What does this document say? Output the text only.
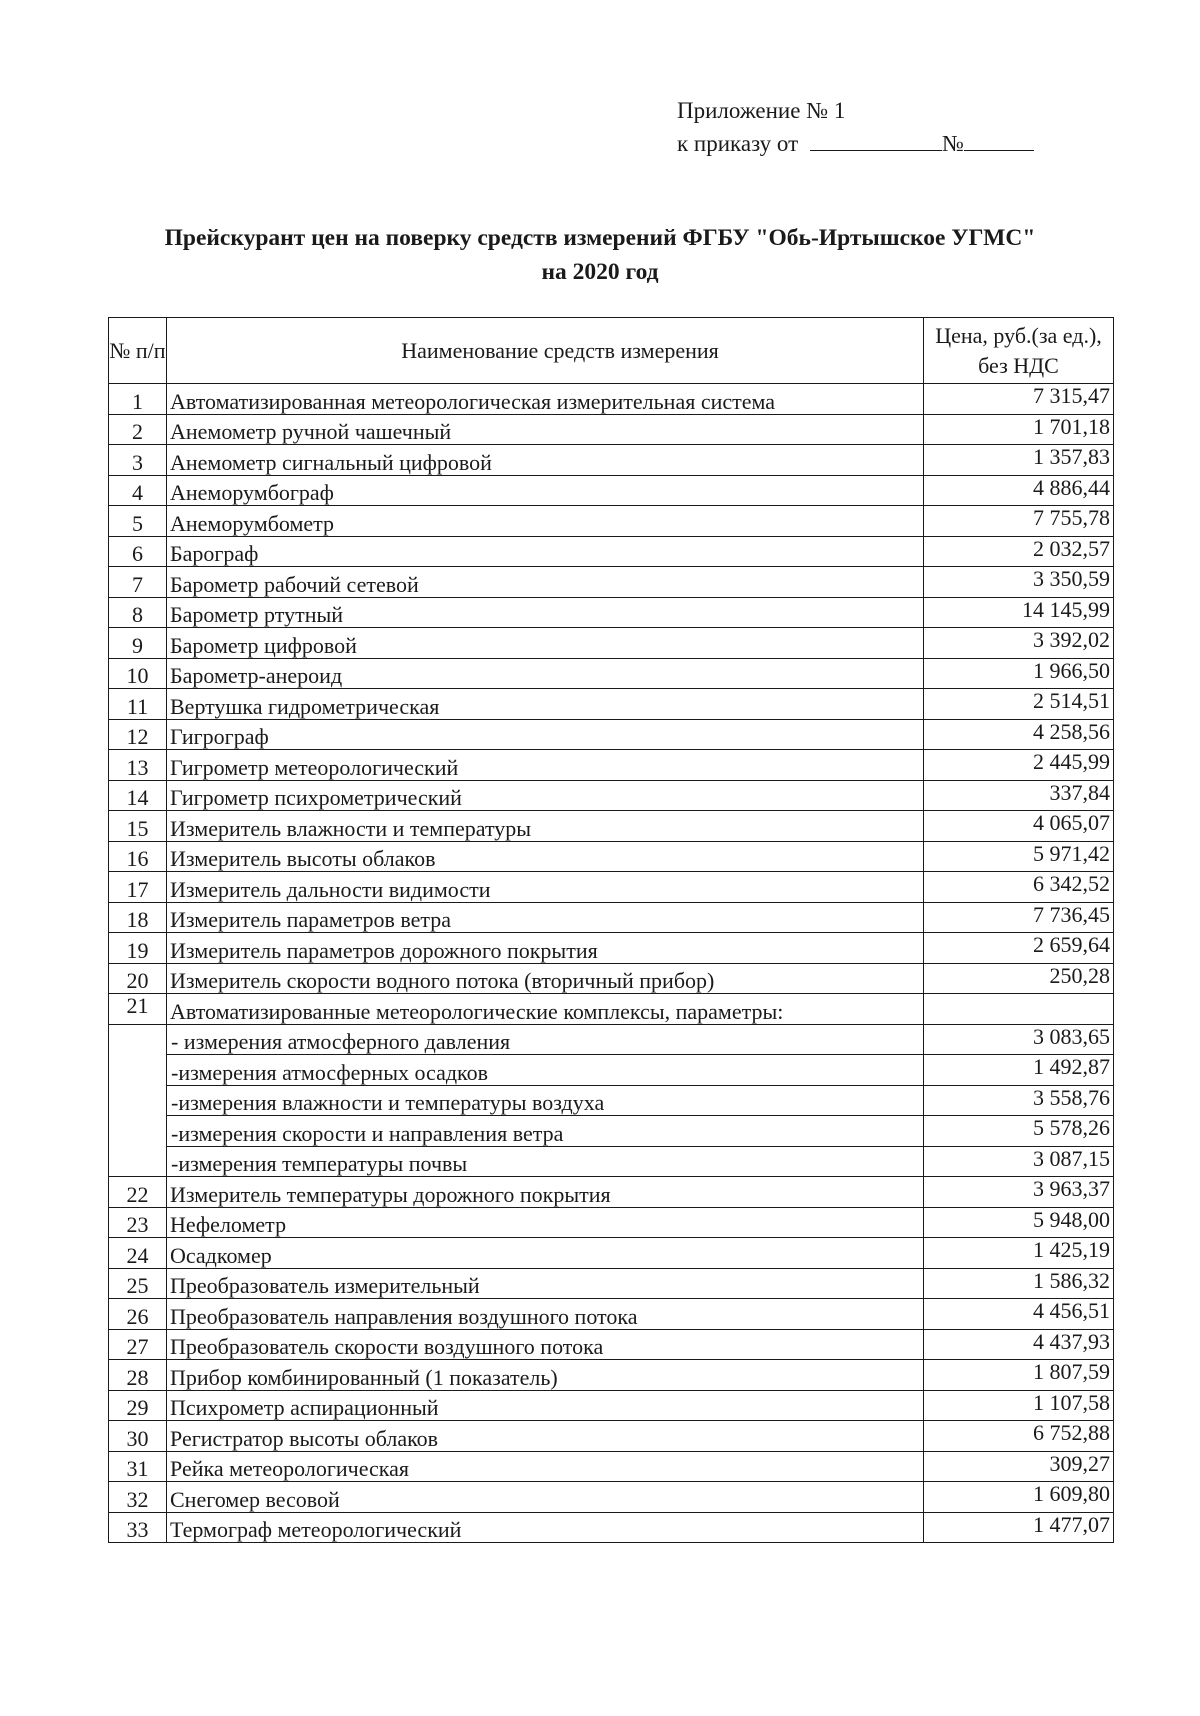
Приложение № 1
к приказу от	№
Прейскурант цен на поверку средств измерений ФГБУ "Обь-Иртышское УГМС"
на 2020 год
№ п/п	Наименование средств измерения	Цена, руб.(за ед.), без НДС
1	Автоматизированная метеорологическая измерительная система	7 315,47
2	Анемометр ручной чашечный	1 701,18
3	Анемометр сигнальный цифровой	1 357,83
4	Анеморумбограф	4 886,44
5	Анеморумбометр	7 755,78
6	Барограф	2 032,57
7	Барометр рабочий сетевой	3 350,59
8	Барометр ртутный	14 145,99
9	Барометр цифровой	3 392,02
10	Барометр-анероид	1 966,50
11	Вертушка гидрометрическая	2 514,51
12	Гигрограф	4 258,56
13	Гигрометр метеорологический	2 445,99
14	Гигрометр психрометрический	337,84
15	Измеритель влажности и температуры	4 065,07
16	Измеритель высоты облаков	5 971,42
17	Измеритель дальности видимости	6 342,52
18	Измеритель параметров ветра	7 736,45
19	Измеритель параметров дорожного покрытия	2 659,64
20	Измеритель скорости водного потока (вторичный прибор)	250,28
21	Автоматизированные метеорологические комплексы, параметры:	
	- измерения атмосферного давления	3 083,65
	-измерения атмосферных осадков	1 492,87
	-измерения влажности и температуры воздуха	3 558,76
	-измерения скорости и направления ветра	5 578,26
	-измерения температуры почвы	3 087,15
22	Измеритель температуры дорожного покрытия	3 963,37
23	Нефелометр	5 948,00
24	Осадкомер	1 425,19
25	Преобразователь измерительный	1 586,32
26	Преобразователь направления воздушного потока	4 456,51
27	Преобразователь скорости воздушного потока	4 437,93
28	Прибор комбинированный (1 показатель)	1 807,59
29	Психрометр аспирационный	1 107,58
30	Регистратор высоты облаков	6 752,88
31	Рейка метеорологическая	309,27
32	Снегомер весовой	1 609,80
33	Термограф метеорологический	1 477,07
